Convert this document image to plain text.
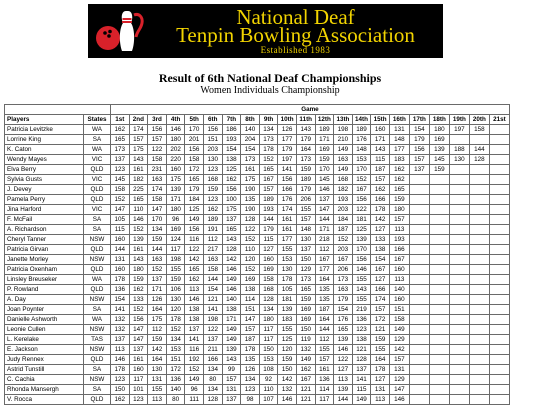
National Deaf
Tenpin Bowling Association
Established 1983
Result of 6th National Deaf Championships
Women Individuals Championship
		Game																				
Players	States	1st	2nd	3rd	4th	5th	6th	7th	8th	9th	10th	11th	12th	13th	14th	15th	16th	17th	18th	19th	20th	21st
Patricia Levitzke	WA	162	174	156	146	170	156	186	140	134	126	143	189	198	189	160	131	154	180	197	158	
Lorrine King	SA	165	157	157	180	201	151	193	204	173	177	179	171	210	176	171	148	179	169			
K. Caton	WA	173	175	122	202	156	203	154	154	178	179	164	169	149	148	143	177	156	139	188	144	
Wendy Mayes	VIC	137	143	158	220	158	130	138	173	152	197	173	159	163	153	115	183	157	145	130	128	
Elva Berry	QLD	123	161	231	160	172	123	125	161	165	141	159	170	149	170	187	162	137	159			
Sylvia Gusts	VIC	145	182	163	175	165	168	162	175	167	156	189	145	168	152	157	162					
J. Devey	QLD	158	225	174	139	179	159	156	190	157	166	179	146	182	167	162	165					
Pamela Perry	QLD	152	165	158	171	184	123	100	135	189	176	206	137	193	156	166	159					
Jina Harford	VIC	147	110	147	180	125	162	175	190	193	174	155	147	203	122	178	180					
F. McFail	SA	105	146	170	96	149	189	137	128	144	161	157	144	184	181	142	157					
A. Richardson	SA	115	152	134	169	156	191	165	122	179	161	148	171	187	125	127	113					
Cheryl Tanner	NSW	160	139	159	124	116	112	143	152	115	177	130	218	152	139	133	193					
Patricia Girvan	QLD	144	161	144	117	122	217	128	110	127	155	137	112	203	170	138	166					
Janette Morley	NSW	131	143	163	198	142	163	142	120	160	153	150	167	167	156	154	167					
Patricia Oxenham	QLD	160	180	152	155	165	158	146	152	169	130	129	177	206	146	167	160					
Linsley Breuseker	WA	178	159	137	159	162	144	149	169	158	178	173	164	173	155	127	113					
P. Rowland	QLD	136	162	171	106	113	154	146	138	168	105	165	135	163	143	166	140					
A. Day	NSW	154	133	126	130	146	121	140	114	128	181	159	135	179	155	174	160					
Joan Poynter	SA	141	152	164	120	138	141	138	151	134	139	169	187	154	219	157	151					
Danielle Ashworth	WA	132	156	175	178	138	198	171	147	180	183	169	164	176	136	172	158					
Leonie Cullen	NSW	132	147	112	152	137	122	149	157	117	155	150	144	165	123	121	149					
L. Kerelake	TAS	137	147	159	134	141	137	149	187	117	125	119	112	139	138	159	129					
E. Jackson	NSW	113	137	142	153	116	211	139	178	150	120	132	155	146	121	155	142					
Judy Rennex	QLD	146	161	164	151	192	166	143	135	153	159	149	157	122	128	164	157					
Astrid Tunstill	SA	178	160	130	172	152	134	99	126	108	150	162	161	127	137	178	131					
C. Cachia	NSW	123	117	131	136	149	80	157	134	92	142	167	136	113	141	127	129					
Rhonda Mansergh	SA	150	101	155	140	96	134	131	123	110	132	121	114	139	115	131	147					
V. Rocca	QLD	162	123	113	80	111	128	137	98	107	146	121	117	144	149	113	146					
